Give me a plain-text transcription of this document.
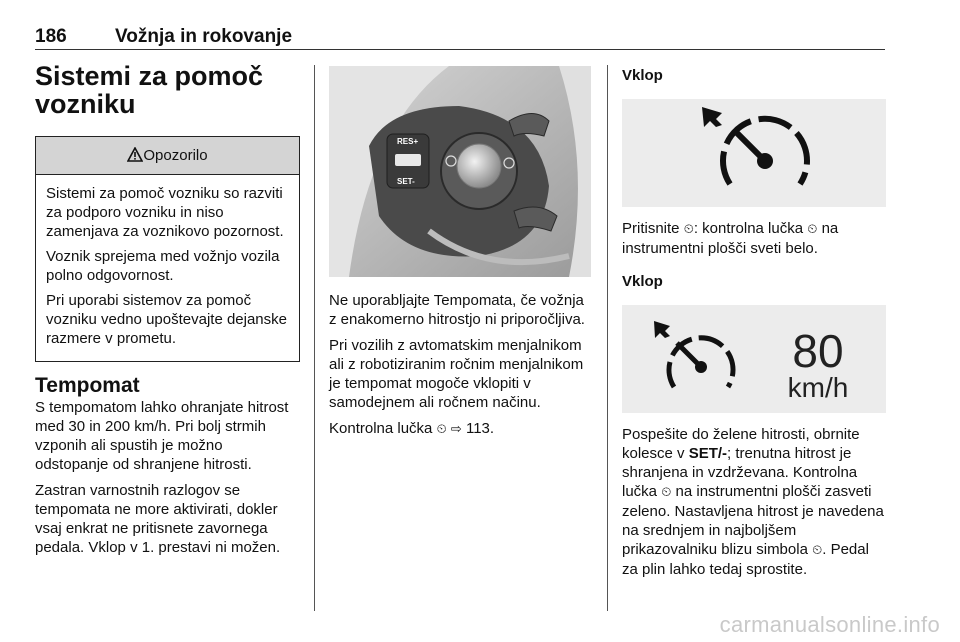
186	Vožnja in rokovanje
Sistemi za pomoč vozniku
Opozorilo

Sistemi za pomoč vozniku so razviti za podporo vozniku in niso zamenjava za voznikovo pozornost.

Voznik sprejema med vožnjo vozila polno odgovornost.

Pri uporabi sistemov za pomoč vozniku vedno upoštevajte dejanske razmere v prometu.

Tempomat

S tempomatom lahko ohranjate hitrost med 30 in 200 km/h. Pri bolj strmih vzponih ali spustih je možno odstopanje od shranjene hitrosti.

Zastran varnostnih razlogov se tempomata ne more aktivirati, dokler vsaj enkrat ne pritisnete zavornega pedala. Vklop v 1. prestavi ni možen.

RES+
SET-

Ne uporabljajte Tempomata, če vožnja z enakomerno hitrostjo ni priporočljiva.

Pri vozilih z avtomatskim menjalnikom ali z robotiziranim ročnim menjalnikom je tempomat mogoče vklopiti v samodejnem ali ročnem načinu.

Kontrolna lučka ⏲ ⇨ 113.

Vklop

Pritisnite ⏲: kontrolna lučka ⏲ na instrumentni plošči sveti belo.

Vklop
80
km/h

Pospešite do želene hitrosti, obrnite kolesce v SET/-; trenutna hitrost je shranjena in vzdrževana. Kontrolna lučka ⏲ na instrumentni plošči zasveti zeleno. Nastavljena hitrost je navedena na srednjem in najboljšem prikazovalniku blizu simbola ⏲. Pedal za plin lahko tedaj sprostite.

carmanualsonline.info
